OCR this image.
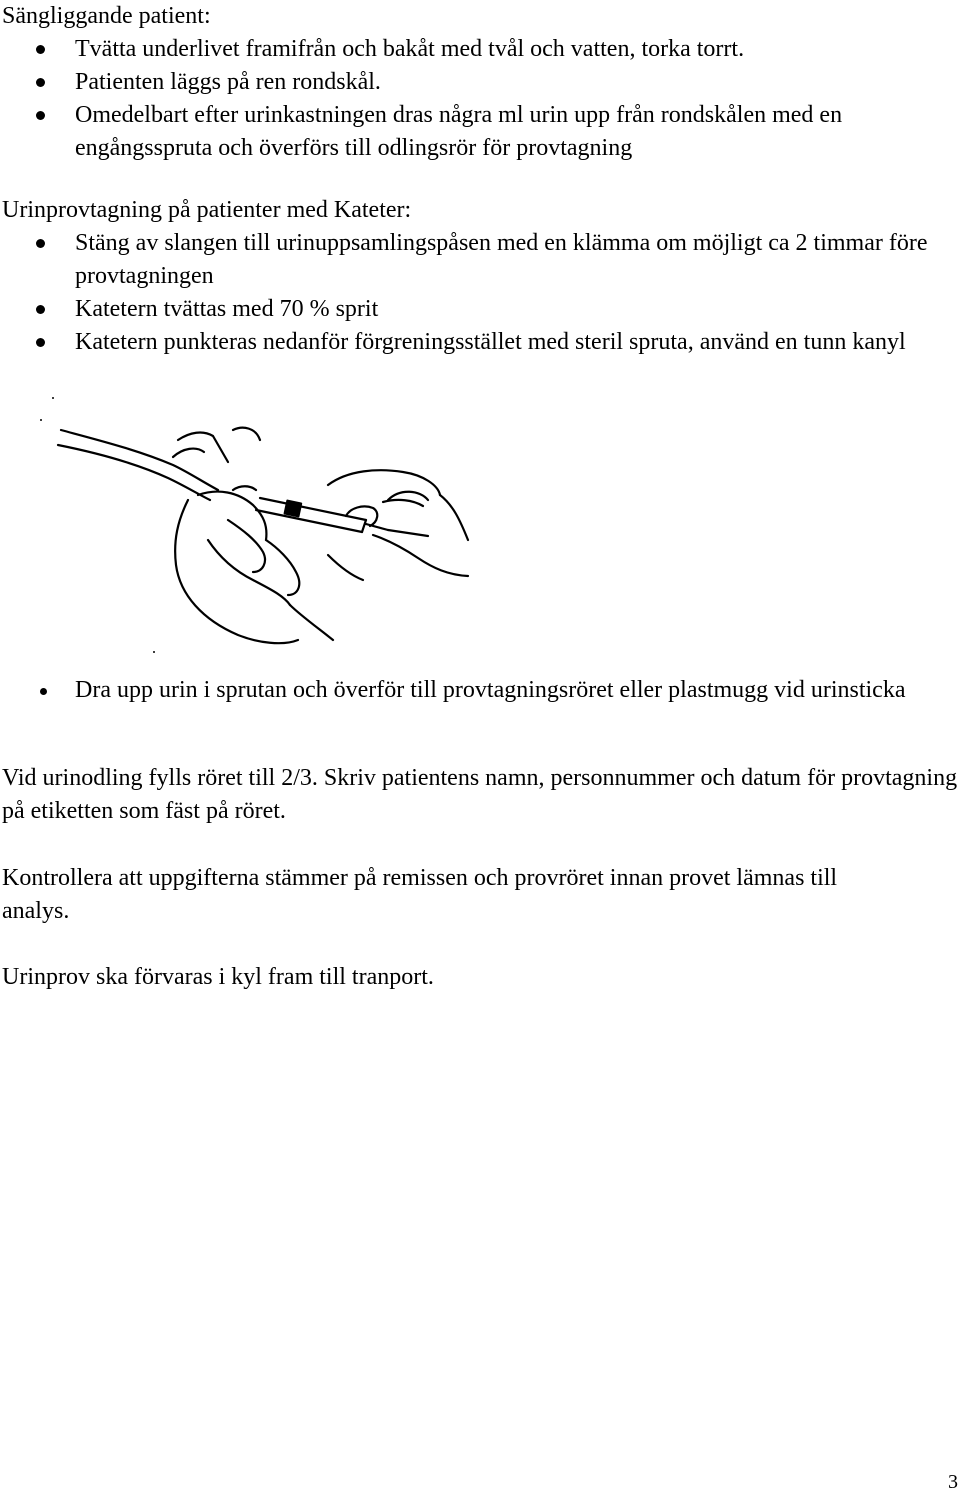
Sängliggande patient:
Tvätta underlivet framifrån och bakåt med tvål och vatten, torka torrt.
Patienten läggs på ren rondskål.
Omedelbart efter urinkastningen dras några ml urin upp från rondskålen med en engångsspruta och överförs till odlingsrör för provtagning
Urinprovtagning på patienter med Kateter:
Stäng av slangen till urinuppsamlingspåsen med en klämma om möjligt ca 2 timmar före provtagningen
Katetern tvättas med 70 % sprit
Katetern punkteras nedanför förgreningsstället med steril spruta, använd en tunn kanyl
Dra upp urin i sprutan och överför till provtagningsröret eller plastmugg vid urinsticka
Vid urinodling fylls röret till 2/3. Skriv patientens namn, personnummer och datum för provtagning på etiketten som fäst på röret.
Kontrollera att uppgifterna stämmer på remissen och provröret innan provet lämnas till analys.
Urinprov ska förvaras i kyl fram till tranport.
3
